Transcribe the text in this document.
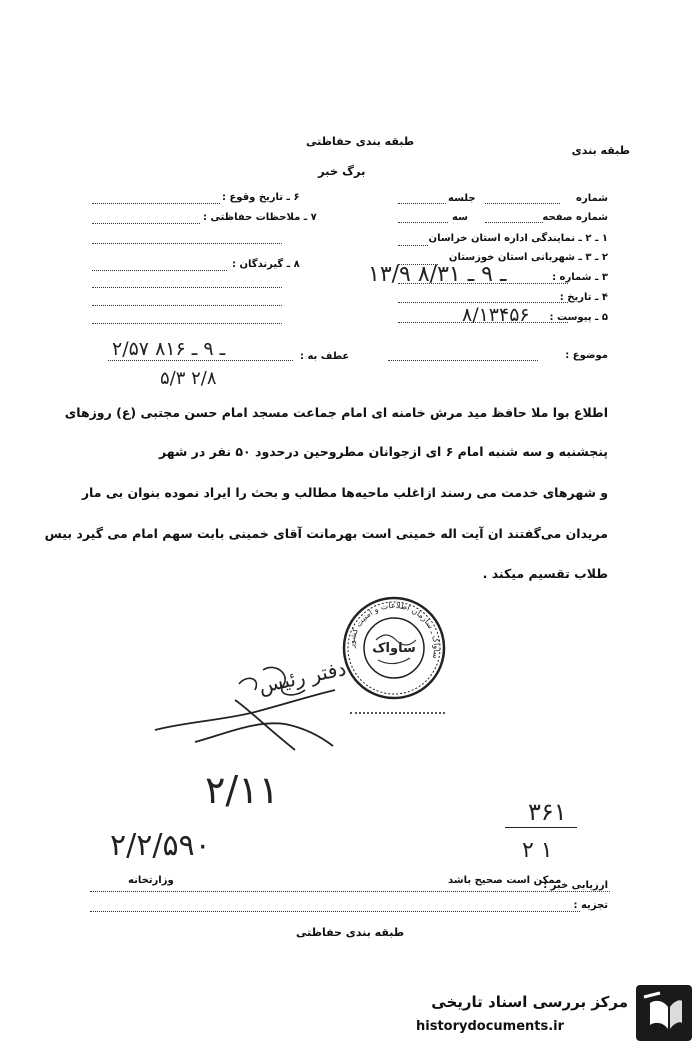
طبقه بندی
طبقه بندی حفاظتی
برگ خبر
۶ ـ تاریخ وقوع :
۷ ـ ملاحظات حفاظتی :
۸ ـ گیرندگان :
شماره
جلسه
شماره صفحه
سه
۱ ـ ۲ ـ نمایندگی اداره استان خراسان
۲ ـ ۳ ـ شهربانی استان خوزستان
۳ ـ شماره :
۱۳/۹ ـ ۹ ـ ۸/۳۱
۴ ـ تاریخ :
۵ ـ پیوست :
۸/۱۳۴۵۶
موضوع :
عطف به :
۲/۵۷ ـ ۹ ـ ۸۱۶
۵/۳ ۲/۸
اطلاع بوا ملا حافظ مید مرش خامنه ای امام جماعت مسجد امام حسن مجتبی (ع) روزهای
پنجشنبه و سه شنبه امام ۶ ای ازجوانان مطروحین درحدود ۵۰ نفر در شهر
و شهرهای خدمت می رسند ازاغلب ماحیه‌ها مطالب و بحث را ایراد نموده بنوان بی مار
مریدان می‌گفتند ان آیت اله خمینی است بهرمانت آقای خمینی بابت سهم امام می گیرد بیس
طلاب تقسیم میکند .
ساواک ـ سازمان اطلاعات و امنیت کشور
ساواک
دفتر رئیس
۲/۱۱	۳۶۱
۲ ۱
۲/۲/۵۹۰
وزارتخانه	ارزیابی خبر :
ممکن است صحیح باشد
تجزیه :
طبقه بندی حفاظتی
مرکز بررسی اسناد تاریخی
historydocuments.ir
